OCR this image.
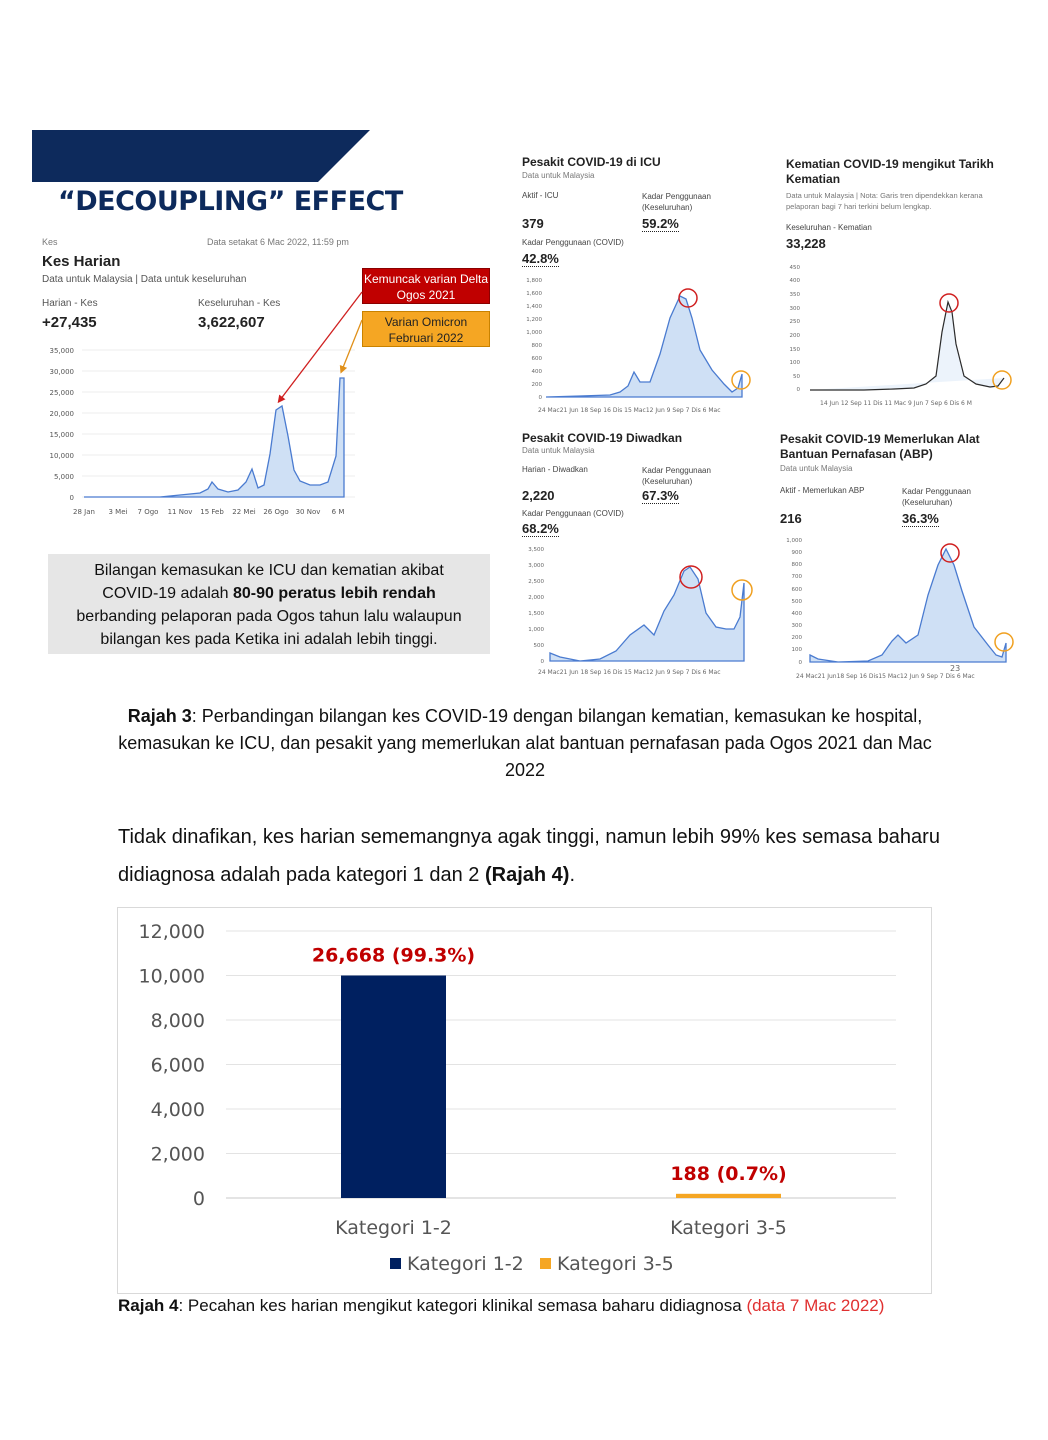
“DECOUPLING” EFFECT
Kes	Data setakat 6 Mac 2022, 11:59 pm
Kes Harian
Data untuk Malaysia | Data untuk keseluruhan
Harian - Kes	Keseluruhan - Kes
+27,435	3,622,607
35,000
30,000
25,000
20,000
15,000
10,000
5,000
0
28 Jan 3 Mei 7 Ogo 11 Nov 15 Feb 22 Mei 26 Ogo 30 Nov 6 M
Kemuncak varian Delta Ogos 2021
Varian Omicron Februari 2022
Bilangan kemasukan ke ICU dan kematian akibat
COVID-19 adalah 80-90 peratus lebih rendah
berbanding pelaporan pada Ogos tahun lalu walaupun
bilangan kes pada Ketika ini adalah lebih tinggi.
Pesakit COVID-19 di ICU
Data untuk Malaysia
Aktif - ICU	Kadar Penggunaan (Keseluruhan)
379	59.2%
Kadar Penggunaan (COVID)
42.8%
1,800
1,600
1,400
1,200
1,000
800
600
400
200
0
24 Mac21 Jun 18 Sep 16 Dis 15 Mac12 Jun 9 Sep 7 Dis 6 Mac
Kematian COVID-19 mengikut Tarikh Kematian
Data untuk Malaysia | Nota: Garis tren dipendekkan kerana pelaporan bagi 7 hari terkini belum lengkap.
Keseluruhan - Kematian
33,228
450
400
350
300
250
200
150
100
50
0
14 Jun 12 Sep 11 Dis 11 Mac 9 Jun 7 Sep 6 Dis 6 M
Pesakit COVID-19 Diwadkan
Data untuk Malaysia
Harian - Diwadkan	Kadar Penggunaan (Keseluruhan)
2,220	67.3%
Kadar Penggunaan (COVID)
68.2%
3,500
3,000
2,500
2,000
1,500
1,000
500
0
24 Mac21 Jun 18 Sep 16 Dis 15 Mac12 Jun 9 Sep 7 Dis 6 Mac
Pesakit COVID-19 Memerlukan Alat Bantuan Pernafasan (ABP)
Data untuk Malaysia
Aktif - Memerlukan ABP	Kadar Penggunaan (Keseluruhan)
216	36.3%
1,000
900
800
700
600
500
400
300
200
100
0
23
24 Mac21 Jun18 Sep 16 Dis15 Mac12 Jun 9 Sep 7 Dis 6 Mac
Rajah 3: Perbandingan bilangan kes COVID-19 dengan bilangan kematian, kemasukan ke hospital, kemasukan ke ICU, dan pesakit yang memerlukan alat bantuan pernafasan pada Ogos 2021 dan Mac 2022
Tidak dinafikan, kes harian sememangnya agak tinggi, namun lebih 99% kes semasa baharu didiagnosa adalah pada kategori 1 dan 2 (Rajah 4).
12,000
10,000
8,000
6,000
4,000
2,000
0
26,668 (99.3%)
188 (0.7%)
Kategori 1-2	Kategori 3-5
Kategori 1-2 Kategori 3-5
Rajah 4: Pecahan kes harian mengikut kategori klinikal semasa baharu didiagnosa (data 7 Mac 2022)
